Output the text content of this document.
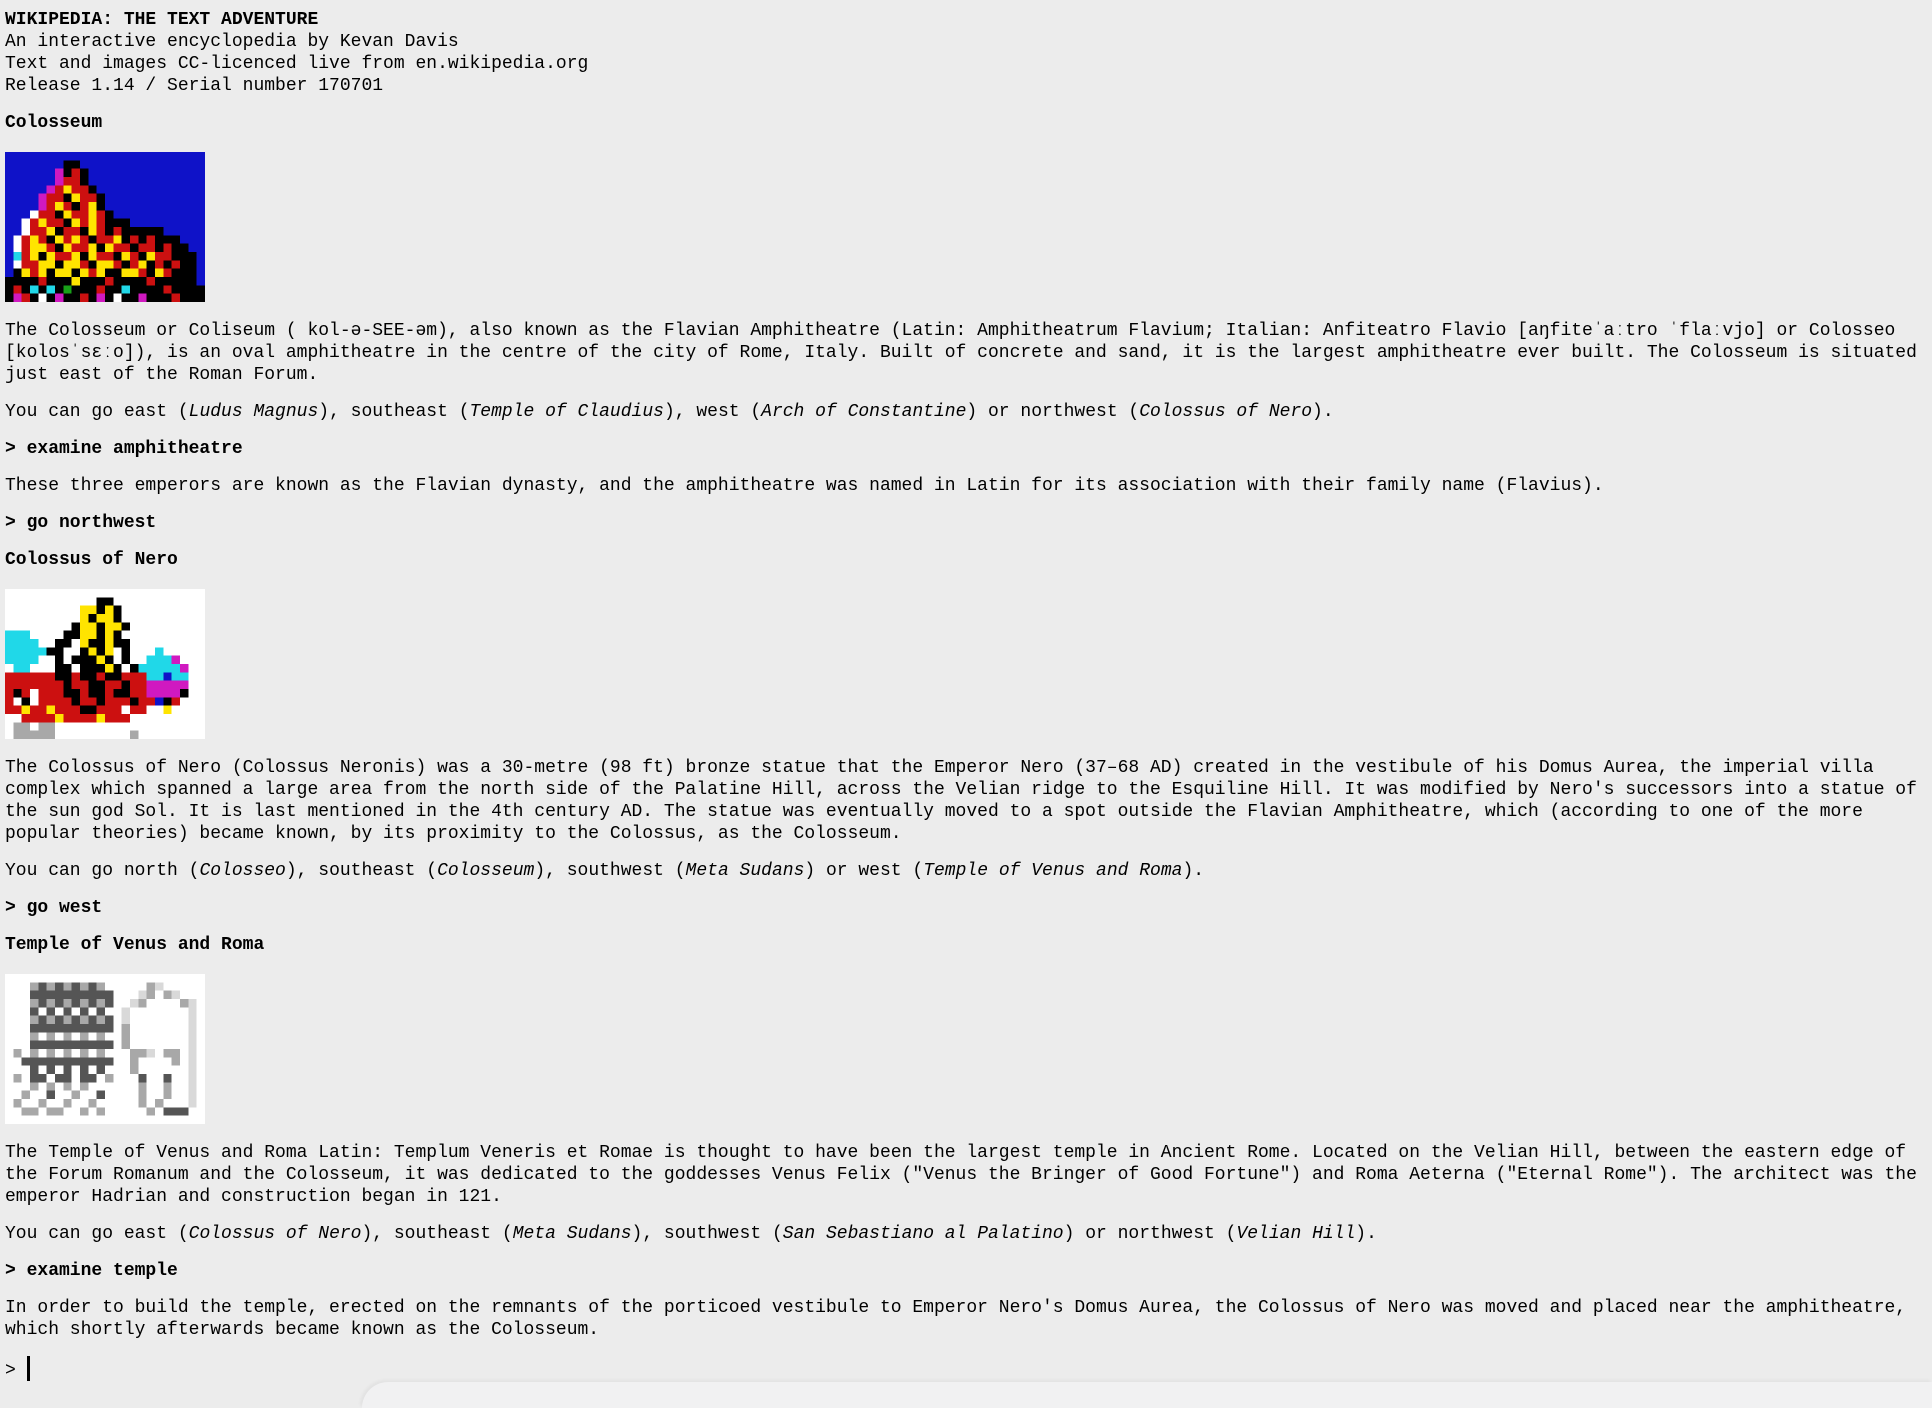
WIKIPEDIA: THE TEXT ADVENTURE
An interactive encyclopedia by Kevan Davis
Text and images CC-licenced live from en.wikipedia.org
Release 1.14 / Serial number 170701
Colosseum

The Colosseum or Coliseum ( kol-ə-SEE-əm), also known as the Flavian Amphitheatre (Latin: Amphitheatrum Flavium; Italian: Anfiteatro Flavio [aŋfiteˈaːtro ˈflaːvjo] or Colosseo [kolosˈsɛːo]), is an oval amphitheatre in the centre of the city of Rome, Italy. Built of concrete and sand, it is the largest amphitheatre ever built. The Colosseum is situated just east of the Roman Forum.

You can go east (Ludus Magnus), southeast (Temple of Claudius), west (Arch of Constantine) or northwest (Colossus of Nero).

> examine amphitheatre

These three emperors are known as the Flavian dynasty, and the amphitheatre was named in Latin for its association with their family name (Flavius).

> go northwest

Colossus of Nero

The Colossus of Nero (Colossus Neronis) was a 30-metre (98 ft) bronze statue that the Emperor Nero (37–68 AD) created in the vestibule of his Domus Aurea, the imperial villa complex which spanned a large area from the north side of the Palatine Hill, across the Velian ridge to the Esquiline Hill. It was modified by Nero's successors into a statue of the sun god Sol. It is last mentioned in the 4th century AD. The statue was eventually moved to a spot outside the Flavian Amphitheatre, which (according to one of the more popular theories) became known, by its proximity to the Colossus, as the Colosseum.

You can go north (Colosseo), southeast (Colosseum), southwest (Meta Sudans) or west (Temple of Venus and Roma).

> go west

Temple of Venus and Roma

The Temple of Venus and Roma Latin: Templum Veneris et Romae is thought to have been the largest temple in Ancient Rome. Located on the Velian Hill, between the eastern edge of the Forum Romanum and the Colosseum, it was dedicated to the goddesses Venus Felix ("Venus the Bringer of Good Fortune") and Roma Aeterna ("Eternal Rome"). The architect was the emperor Hadrian and construction began in 121.

You can go east (Colossus of Nero), southeast (Meta Sudans), southwest (San Sebastiano al Palatino) or northwest (Velian Hill).

> examine temple

In order to build the temple, erected on the remnants of the porticoed vestibule to Emperor Nero's Domus Aurea, the Colossus of Nero was moved and placed near the amphitheatre, which shortly afterwards became known as the Colosseum.

>
